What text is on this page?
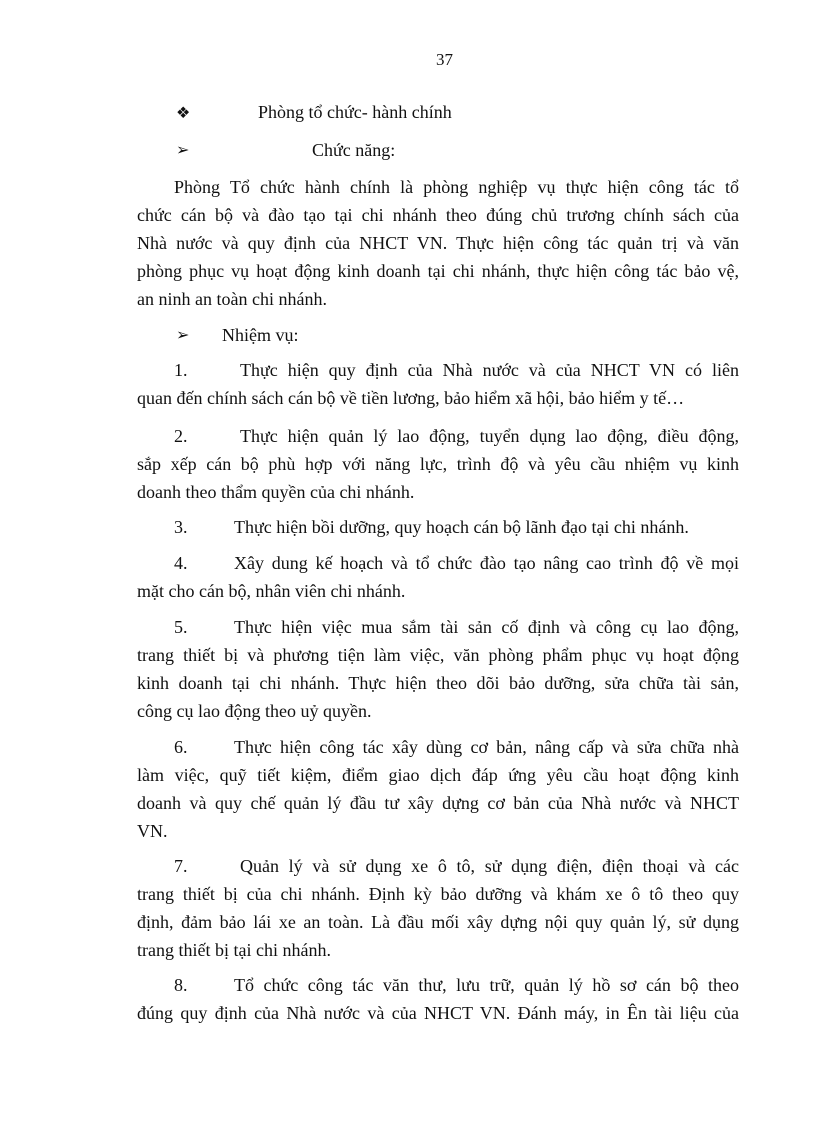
37
❖	Phòng tổ chức- hành chính
➢	Chức năng:
Phòng Tổ chức hành chính là phòng nghiệp vụ thực hiện công tác tổ
chức cán bộ và đào tạo tại chi nhánh theo đúng chủ trương chính sách của
Nhà nước và quy định của NHCT VN. Thực hiện công tác quản trị và văn
phòng phục vụ hoạt động kinh doanh tại chi nhánh, thực hiện công tác bảo vệ,
an ninh an toàn chi nhánh.
➢ Nhiệm vụ:
1.	Thực hiện quy định của Nhà nước và của NHCT VN có liên
quan đến chính sách cán bộ về tiền lương, bảo hiểm xã hội, bảo hiểm y tế…
2.	Thực hiện quản lý lao động, tuyển dụng lao động, điều động,
sắp xếp cán bộ phù hợp với năng lực, trình độ và yêu cầu nhiệm vụ kinh
doanh theo thẩm quyền của chi nhánh.
3.	Thực hiện bồi dưỡng, quy hoạch cán bộ lãnh đạo tại chi nhánh.
4.	Xây dung kế hoạch và tổ chức đào tạo nâng cao trình độ về mọi
mặt cho cán bộ, nhân viên chi nhánh.
5.	Thực hiện việc mua sắm tài sản cố định và công cụ lao động,
trang thiết bị và phương tiện làm việc, văn phòng phẩm phục vụ hoạt động
kinh doanh tại chi nhánh. Thực hiện theo dõi bảo dưỡng, sửa chữa tài sản,
công cụ lao động theo uỷ quyền.
6.	Thực hiện công tác xây dùng cơ bản, nâng cấp và sửa chữa nhà
làm việc, quỹ tiết kiệm, điểm giao dịch đáp ứng yêu cầu hoạt động kinh
doanh và quy chế quản lý đầu tư xây dựng cơ bản của Nhà nước và NHCT
VN.
7.	Quản lý và sử dụng xe ô tô, sử dụng điện, điện thoại và các
trang thiết bị của chi nhánh. Định kỳ bảo dưỡng và khám xe ô tô theo quy
định, đảm bảo lái xe an toàn. Là đầu mối xây dựng nội quy quản lý, sử dụng
trang thiết bị tại chi nhánh.
8.	Tổ chức công tác văn thư, lưu trữ, quản lý hồ sơ cán bộ theo
đúng quy định của Nhà nước và của NHCT VN. Đánh máy, in Ên tài liệu của
